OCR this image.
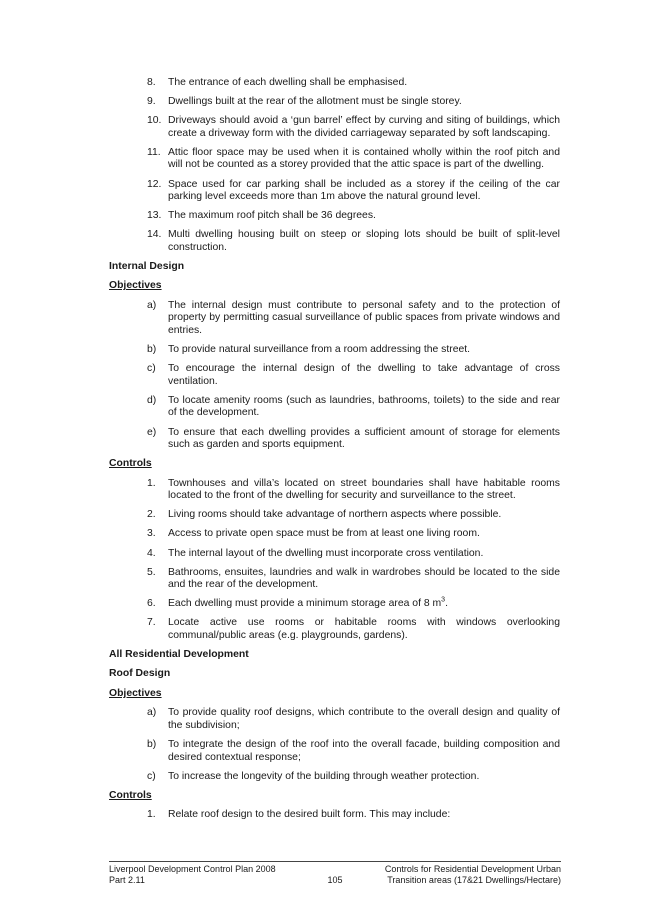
8.	The entrance of each dwelling shall be emphasised.
9.	Dwellings built at the rear of the allotment must be single storey.
10. Driveways should avoid a ‘gun barrel’ effect by curving and siting of buildings, which create a driveway form with the divided carriageway separated by soft landscaping.
11. Attic floor space may be used when it is contained wholly within the roof pitch and will not be counted as a storey provided that the attic space is part of the dwelling.
12. Space used for car parking shall be included as a storey if the ceiling of the car parking level exceeds more than 1m above the natural ground level.
13. The maximum roof pitch shall be 36 degrees.
14. Multi dwelling housing built on steep or sloping lots should be built of split-level construction.
Internal Design
Objectives
a)	The internal design must contribute to personal safety and to the protection of property by permitting casual surveillance of public spaces from private windows and entries.
b)	To provide natural surveillance from a room addressing the street.
c)	To encourage the internal design of the dwelling to take advantage of cross ventilation.
d)	To locate amenity rooms (such as laundries, bathrooms, toilets) to the side and rear of the development.
e)	To ensure that each dwelling provides a sufficient amount of storage for elements such as garden and sports equipment.
Controls
1.	Townhouses and villa’s located on street boundaries shall have habitable rooms located to the front of the dwelling for security and surveillance to the street.
2.	Living rooms should take advantage of northern aspects where possible.
3.	Access to private open space must be from at least one living room.
4.	The internal layout of the dwelling must incorporate cross ventilation.
5.	Bathrooms, ensuites, laundries and walk in wardrobes should be located to the side and the rear of the development.
6.	Each dwelling must provide a minimum storage area of 8 $m^3$.
7.	Locate active use rooms or habitable rooms with windows overlooking communal/public areas (e.g. playgrounds, gardens).
All Residential Development
Roof Design
Objectives
a)	To provide quality roof designs, which contribute to the overall design and quality of the subdivision;
b)	To integrate the design of the roof into the overall facade, building composition and desired contextual response;
c)	To increase the longevity of the building through weather protection.
Controls
1.	Relate roof design to the desired built form. This may include:
Liverpool Development Control Plan 2008
Part 2.11	105
Controls for Residential Development Urban
Transition areas (17&21 Dwellings/Hectare)
